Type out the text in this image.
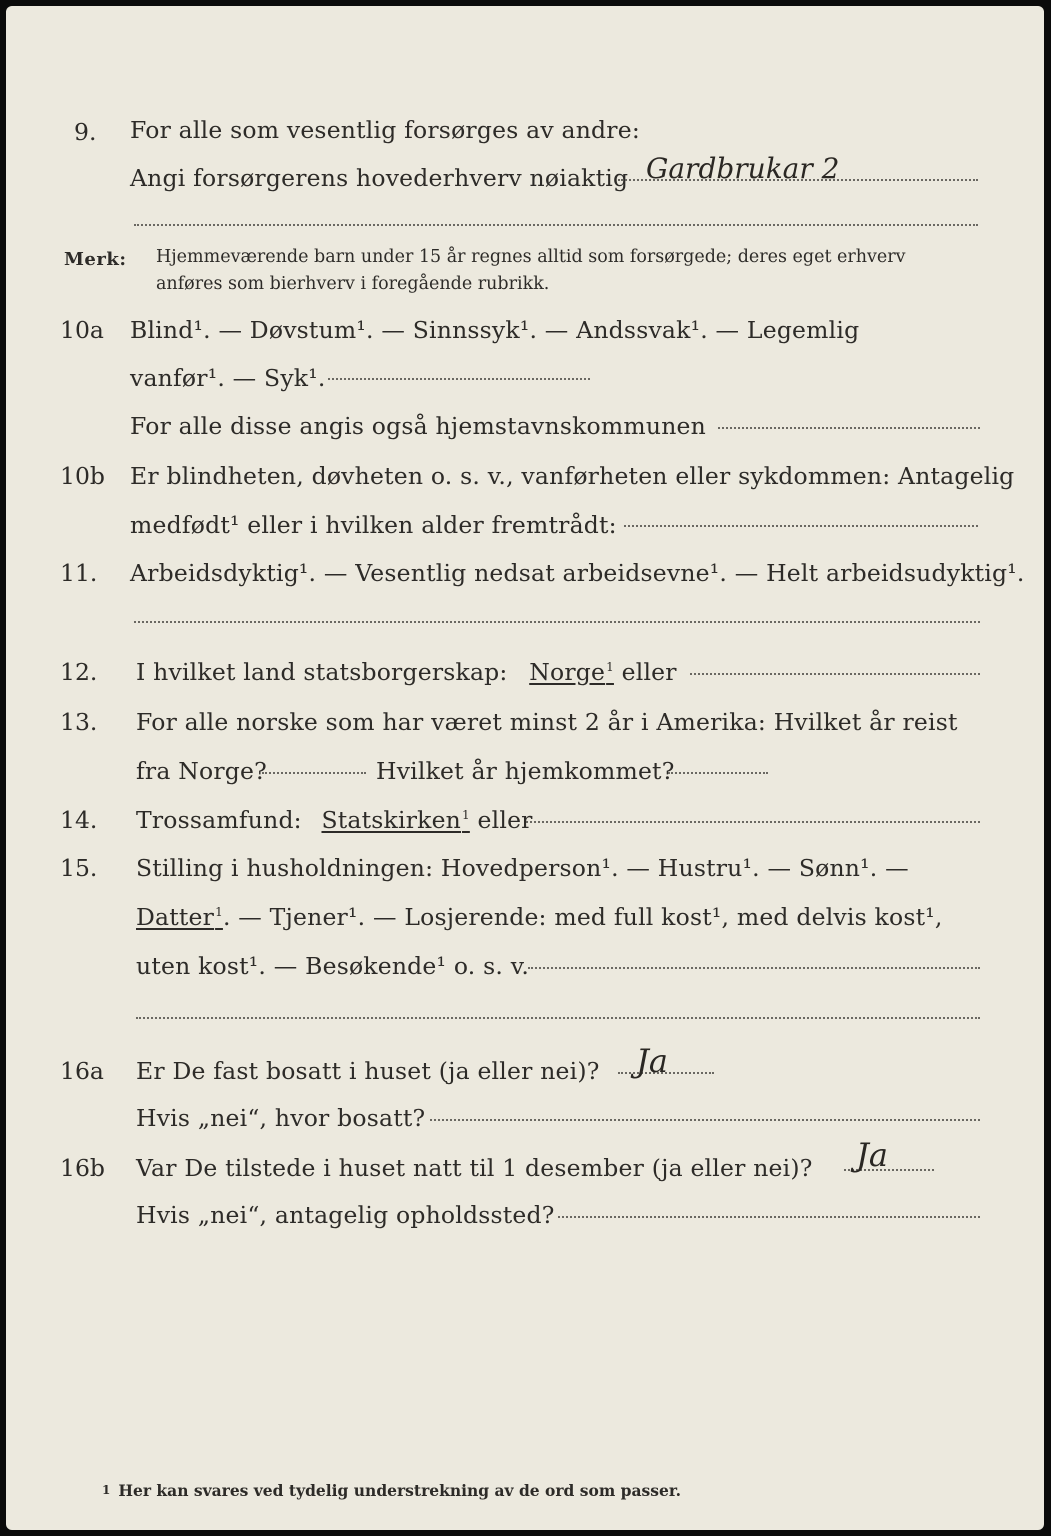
9. For alle som vesentlig forsørges av andre:
Angi forsørgerens hovederhverv nøiaktig Gardbrukar 2
Merk: Hjemmeværende barn under 15 år regnes alltid som forsørgede; deres eget erhverv
anføres som bierhverv i foregående rubrikk.
10a Blind¹. — Døvstum¹. — Sinnssyk¹. — Andssvak¹. — Legemlig
vanfør¹. — Syk¹.
For alle disse angis også hjemstavnskommunen
10b Er blindheten, døvheten o. s. v., vanførheten eller sykdommen: Antagelig
medfødt¹ eller i hvilken alder fremtrådt:
11. Arbeidsdyktig¹. — Vesentlig nedsat arbeidsevne¹. — Helt arbeidsudyktig¹.
12. I hvilket land statsborgerskap: Norge$^1$ eller
13. For alle norske som har været minst 2 år i Amerika: Hvilket år reist
fra Norge?	Hvilket år hjemkommet?
14. Trossamfund: Statskirken$^1$ eller
15. Stilling i husholdningen: Hovedperson¹. — Hustru¹. — Sønn¹. —
Datter$^1$. — Tjener¹. — Losjerende: med full kost¹, med delvis kost¹,
uten kost¹. — Besøkende¹ o. s. v.
16a Er De fast bosatt i huset (ja eller nei)? Ja
Hvis „nei“, hvor bosatt?
16b Var De tilstede i huset natt til 1 desember (ja eller nei)? Ja
Hvis „nei“, antagelig opholdssted?
1 Her kan svares ved tydelig understrekning av de ord som passer.
